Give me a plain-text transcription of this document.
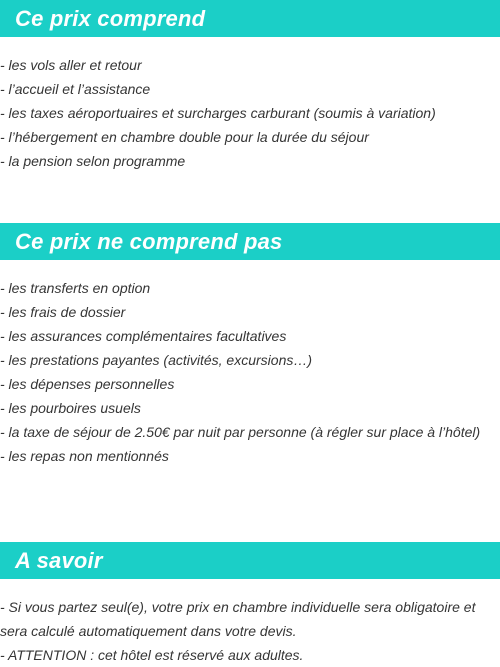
Ce prix comprend
- les vols aller et retour
- l’accueil et l’assistance
- les taxes aéroportuaires et surcharges carburant (soumis à variation)
- l’hébergement en chambre double pour la durée du séjour
- la pension selon programme
Ce prix ne comprend pas
- les transferts en option
- les frais de dossier
- les assurances complémentaires facultatives
- les prestations payantes (activités, excursions…)
- les dépenses personnelles
- les pourboires usuels
- la taxe de séjour de 2.50€ par nuit par personne (à régler sur place à l’hôtel)
- les repas non mentionnés
A savoir

- Si vous partez seul(e), votre prix en chambre individuelle sera obligatoire et sera calculé automatiquement dans votre devis.

- ATTENTION : cet hôtel est réservé aux adultes.
